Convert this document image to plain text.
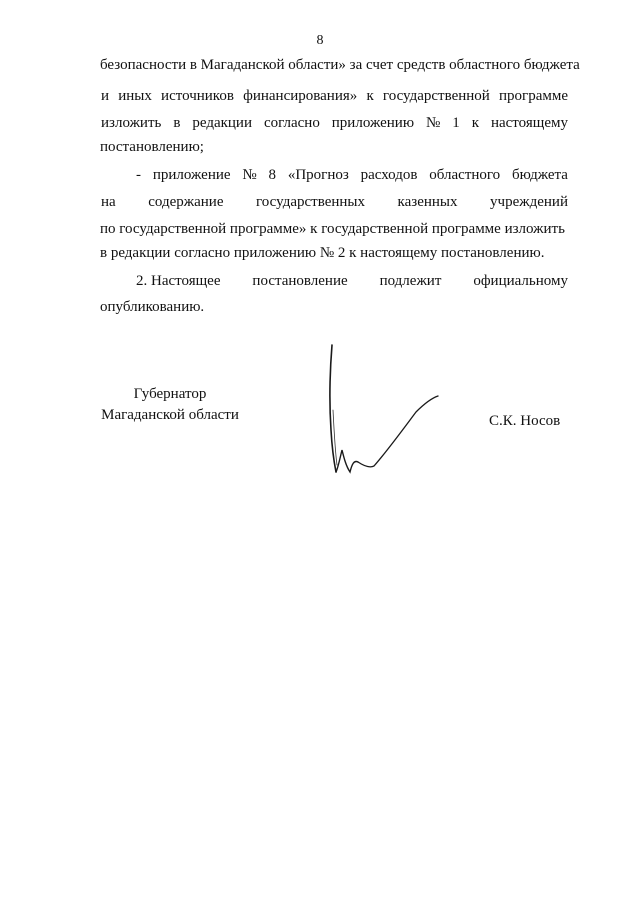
8
безопасности в Магаданской области» за счет средств областного бюджета
и иных источников финансирования» к государственной программе
изложить в редакции согласно приложению № 1 к настоящему
постановлению;
- приложение № 8 «Прогноз расходов областного бюджета
на содержание государственных казенных учреждений
по государственной программе» к государственной программе изложить
в редакции согласно приложению № 2 к настоящему постановлению.
2. Настоящее постановление подлежит официальному
опубликованию.
Губернатор
Магаданской области	С.К. Носов
